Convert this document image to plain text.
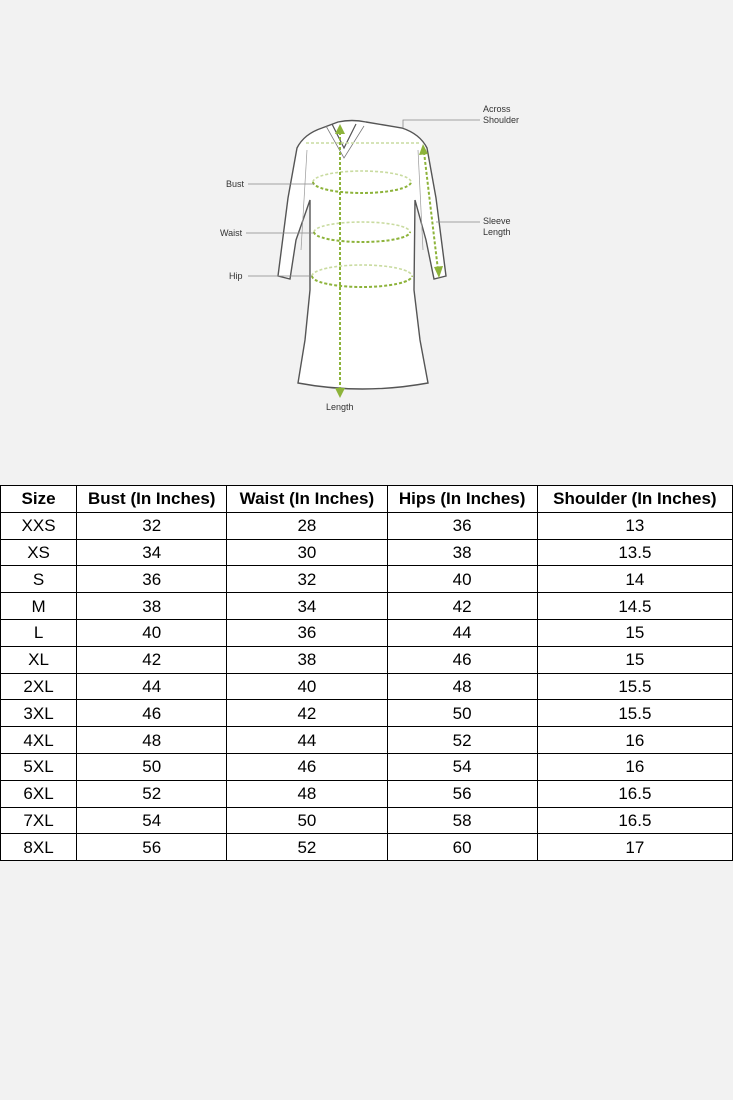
Across
Shoulder
Bust
Waist
Hip
Sleeve
Length
Length
Size	Bust (In Inches)	Waist (In Inches)	Hips (In Inches)	Shoulder (In Inches)
XXS	32	28	36	13
XS	34	30	38	13.5
S	36	32	40	14
M	38	34	42	14.5
L	40	36	44	15
XL	42	38	46	15
2XL	44	40	48	15.5
3XL	46	42	50	15.5
4XL	48	44	52	16
5XL	50	46	54	16
6XL	52	48	56	16.5
7XL	54	50	58	16.5
8XL	56	52	60	17
